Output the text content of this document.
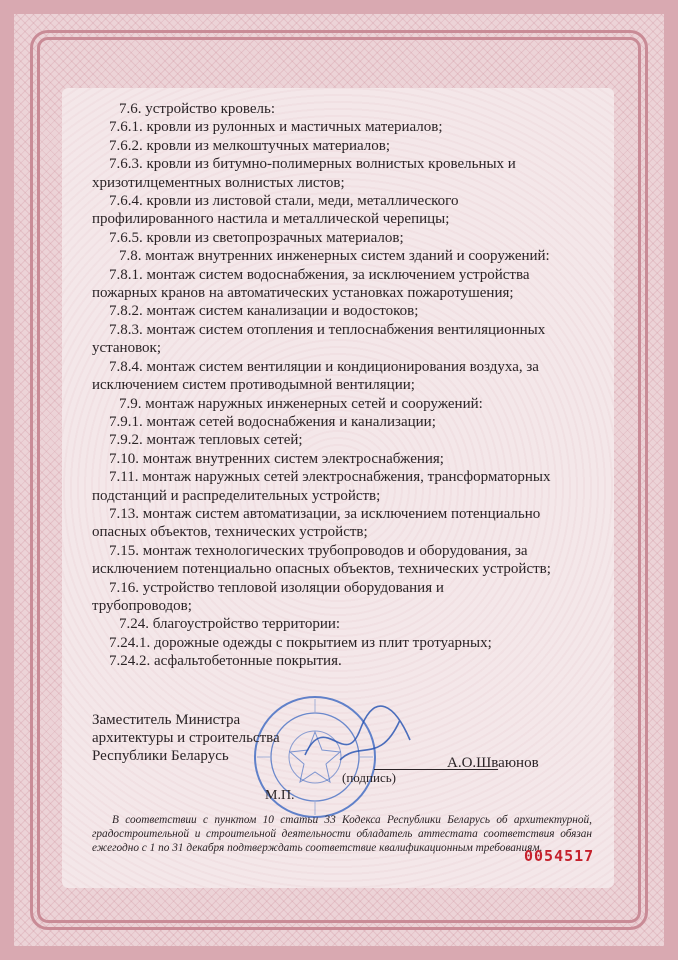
7.6. устройство кровель:

7.6.1. кровли из рулонных и мастичных материалов;

7.6.2. кровли из мелкоштучных материалов;

7.6.3. кровли из битумно-полимерных волнистых кровельных и

хризотилцементных волнистых листов;

7.6.4. кровли из листовой стали, меди, металлического

профилированного настила и металлической черепицы;

7.6.5. кровли из светопрозрачных материалов;

7.8. монтаж внутренних инженерных систем зданий и сооружений:

7.8.1. монтаж систем водоснабжения, за исключением устройства

пожарных кранов на автоматических установках пожаротушения;

7.8.2. монтаж систем канализации и водостоков;

7.8.3. монтаж систем отопления и теплоснабжения вентиляционных

установок;

7.8.4. монтаж систем вентиляции и кондиционирования воздуха, за

исключением систем противодымной вентиляции;

7.9. монтаж наружных инженерных сетей и сооружений:

7.9.1. монтаж сетей водоснабжения и канализации;

7.9.2. монтаж тепловых сетей;

7.10. монтаж внутренних систем электроснабжения;

7.11. монтаж наружных сетей электроснабжения, трансформаторных

подстанций и распределительных устройств;

7.13. монтаж систем автоматизации, за исключением потенциально

опасных объектов, технических устройств;

7.15. монтаж технологических трубопроводов и оборудования, за

исключением потенциально опасных объектов, технических устройств;

7.16. устройство тепловой изоляции оборудования и

трубопроводов;

7.24. благоустройство территории:

7.24.1. дорожные одежды с покрытием из плит тротуарных;

7.24.2. асфальтобетонные покрытия.

Заместитель Министра
архитектуры и строительства
Республики Беларусь	А.О.Шваюнов
(подпись)
М.П.

В соответствии с пунктом 10 статьи 33 Кодекса Республики Беларусь об архитектурной, градостроительной и строительной деятельности обладатель аттестата соответствия обязан ежегодно с 1 по 31 декабря подтверждать соответствие квалификационным требованиям.

0054517
